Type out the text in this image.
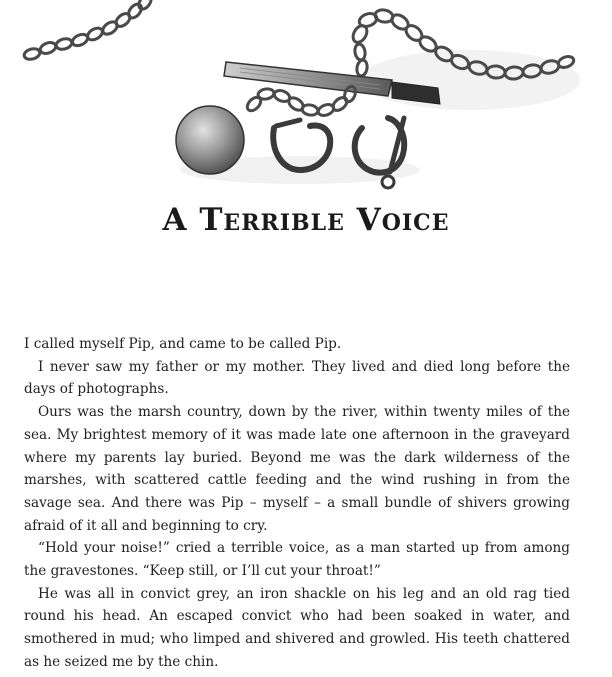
A Terrible Voice

I called myself Pip, and came to be called Pip.

I never saw my father or my mother. They lived and died long before the days of photographs.

Ours was the marsh country, down by the river, within twenty miles of the sea. My brightest memory of it was made late one afternoon in the graveyard where my parents lay buried. Beyond me was the dark wilderness of the marshes, with scattered cattle feeding and the wind rushing in from the savage sea. And there was Pip – myself – a small bundle of shivers growing afraid of it all and beginning to cry.

“Hold your noise!” cried a terrible voice, as a man started up from among the gravestones. “Keep still, or I’ll cut your throat!”

He was all in convict grey, an iron shackle on his leg and an old rag tied round his head. An escaped convict who had been soaked in water, and smothered in mud; who limped and shivered and growled. His teeth chattered as he seized me by the chin.
